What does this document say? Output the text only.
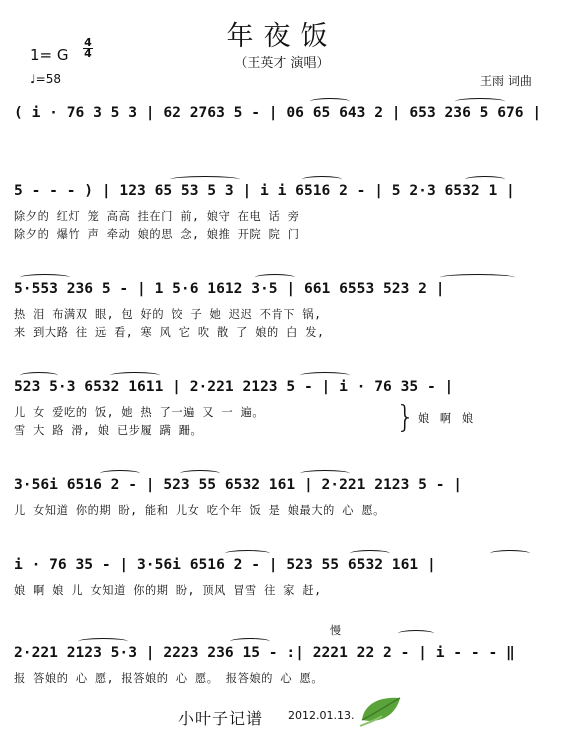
年夜饭
（王英才 演唱）
1= G
4
4
♩=58	王雨 词曲
( i · 76 3 5 3 | 62 2763 5 - | 06 65 643 2 | 653 236 5 676 |
5 - - - ) | 123 65 53 5 3 | i i 6516 2 - | 5 2·3 6532 1 |
除夕的 红灯 笼 高高 挂在门 前, 娘守 在电 话 旁
除夕的 爆竹 声 牵动 娘的思 念, 娘推 开院 院 门
5·553 236 5 - | 1 5·6 1612 3·5 | 661 6553 523 2 |
热 泪 布满双 眼, 包 好的 饺 子 她 迟迟 不肯下 锅,
来 到大路 往 远 看, 寒 风 它 吹 散 了 娘的 白 发,
523 5·3 6532 1611 | 2·221 2123 5 - | i · 76 35 - |
儿 女 爱吃的 饭, 她 热 了一遍 又 一 遍。
雪 大 路 滑, 娘 已步履 蹒 跚。	} 娘 啊 娘
3·56i 6516 2 - | 523 55 6532 161 | 2·221 2123 5 - |
儿 女知道 你的期 盼, 能和 儿女 吃个年 饭 是 娘最大的 心 愿。
i · 76 35 - | 3·56i 6516 2 - | 523 55 6532 161 |
娘 啊 娘 儿 女知道 你的期 盼, 顶风 冒雪 往 家 赶,
2·221 2123 5·3 | 2223 236 15 - :| 2221 22 2 - | i - - - ‖
慢
报 答娘的 心 愿, 报答娘的 心 愿。 报答娘的 心 愿。
小叶子记谱 2012.01.13.
